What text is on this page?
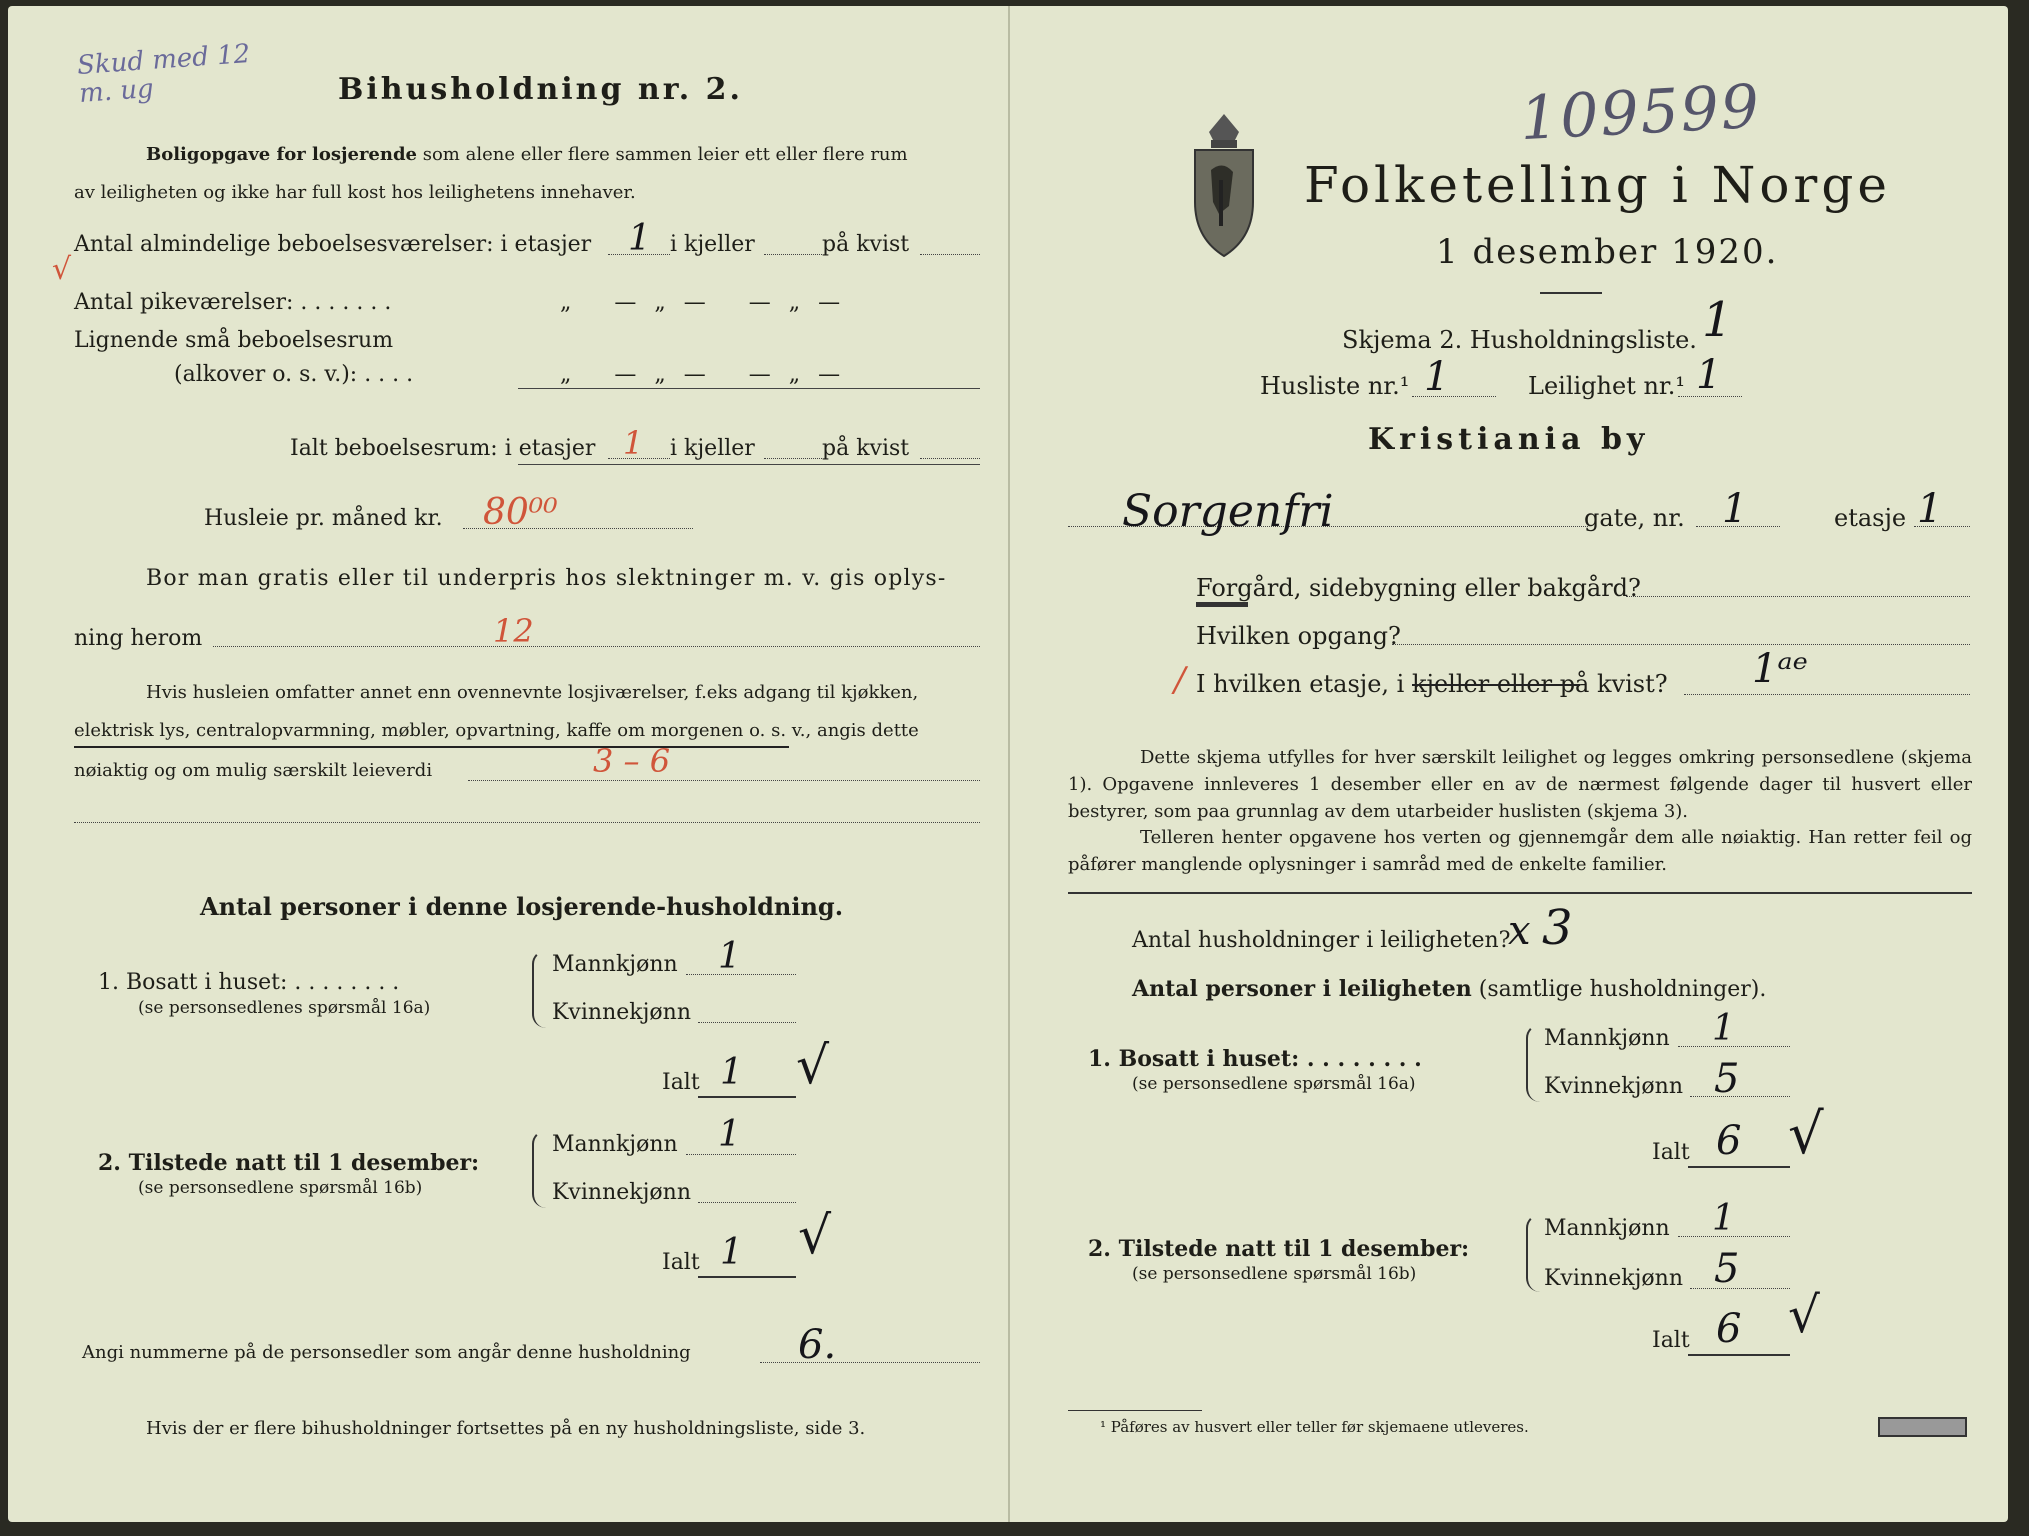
Skud med 12
m. ug	Bihusholdning nr. 2.
Boligopgave for losjerende som alene eller flere sammen leier ett eller flere rum
av leiligheten og ikke har full kost hos leilighetens innehaver.
Antal almindelige beboelsesværelser: i etasjer 1 i kjeller	på kvist
√
Antal pikeværelser: . . . . . . .	„ —„— —„—
Lignende små beboelsesrum
(alkover o. s. v.): . . . .	„ —„— —„—
Ialt beboelsesrum: i etasjer 1 i kjeller	på kvist
Husleie pr. måned kr. 80⁰⁰
Bor man gratis eller til underpris hos slektninger m. v. gis oplys-
ning herom	12
Hvis husleien omfatter annet enn ovennevnte losjiværelser, f.eks adgang til kjøkken,
elektrisk lys, centralopvarmning, møbler, opvartning, kaffe om morgenen o. s. v., angis dette
nøiaktig og om mulig særskilt leieverdi	3 – 6
Antal personer i denne losjerende-husholdning.
1. Bosatt i huset: . . . . . . . .
(se personsedlenes spørsmål 16a)
Mannkjønn 1
Kvinnekjønn
Ialt 1 √
2. Tilstede natt til 1 desember:
(se personsedlene spørsmål 16b)
Mannkjønn 1
Kvinnekjønn
Ialt 1 √
Angi nummerne på de personsedler som angår denne husholdning	6.
Hvis der er flere bihusholdninger fortsettes på en ny husholdningsliste, side 3.
109599
Folketelling i Norge
1 desember 1920.
Skjema 2. Husholdningsliste. 1
Husliste nr.¹ 1	Leilighet nr.¹ 1
Kristiania by
Sorgenfri	gate, nr. 1	etasje 1
Forgård, sidebygning eller bakgård?
Hvilken opgang?
/ I hvilken etasje, i kjeller eller på kvist? 1ᵃᵉ
Dette skjema utfylles for hver særskilt leilighet og legges omkring personsedlene (skjema 1). Opgavene innleveres 1 desember eller en av de nærmest følgende dager til husvert eller bestyrer, som paa grunnlag av dem utarbeider huslisten (skjema 3).
Telleren henter opgavene hos verten og gjennemgår dem alle nøiaktig. Han retter feil og påfører manglende oplysninger i samråd med de enkelte familier.
Antal husholdninger i leiligheten?
x 3
Antal personer i leiligheten (samtlige husholdninger).
1. Bosatt i huset: . . . . . . . .
(se personsedlene spørsmål 16a)
Mannkjønn 1
Kvinnekjønn 5
Ialt 6 √
2. Tilstede natt til 1 desember:
(se personsedlene spørsmål 16b)
Mannkjønn 1
Kvinnekjønn 5
Ialt 6 √
¹ Påføres av husvert eller teller før skjemaene utleveres.
